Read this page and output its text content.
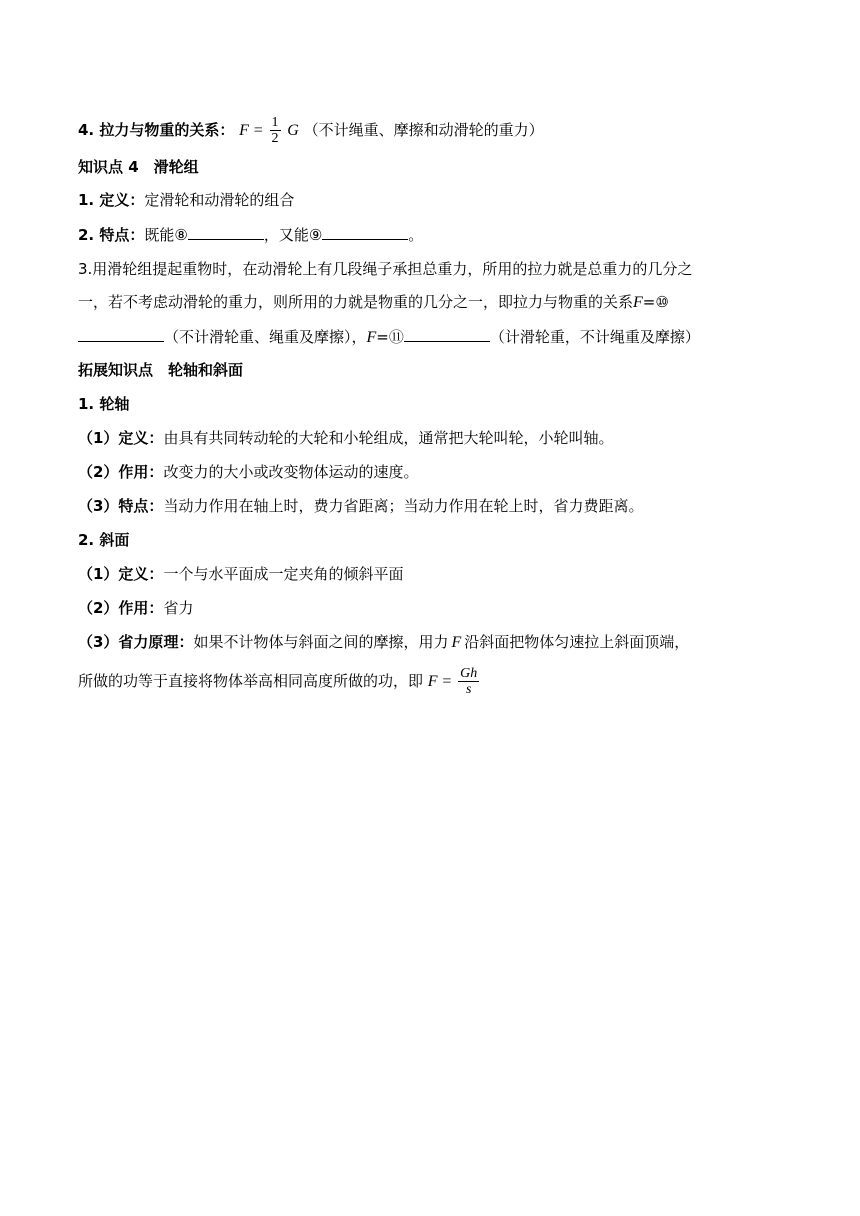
4. 拉力与物重的关系： $F = \frac{1}{2}$ G （不计绳重、摩擦和动滑轮的重力）
知识点 4　滑轮组
1. 定义：定滑轮和动滑轮的组合
2. 特点：既能⑧	，又能⑨	。
3.用滑轮组提起重物时，在动滑轮上有几段绳子承担总重力，所用的拉力就是总重力的几分之
一，若不考虑动滑轮的重力，则所用的力就是物重的几分之一，即拉力与物重的关系F=⑩
（不计滑轮重、绳重及摩擦），F=⑪	（计滑轮重，不计绳重及摩擦）
拓展知识点　轮轴和斜面
1. 轮轴
（1）定义：由具有共同转动轮的大轮和小轮组成，通常把大轮叫轮，小轮叫轴。
（2）作用：改变力的大小或改变物体运动的速度。
（3）特点：当动力作用在轴上时，费力省距离；当动力作用在轮上时，省力费距离。
2. 斜面
（1）定义：一个与水平面成一定夹角的倾斜平面
（2）作用：省力
（3）省力原理：如果不计物体与斜面之间的摩擦，用力 F 沿斜面把物体匀速拉上斜面顶端，
所做的功等于直接将物体举高相同高度所做的功，即 $F = \frac{Gh}{s}$
